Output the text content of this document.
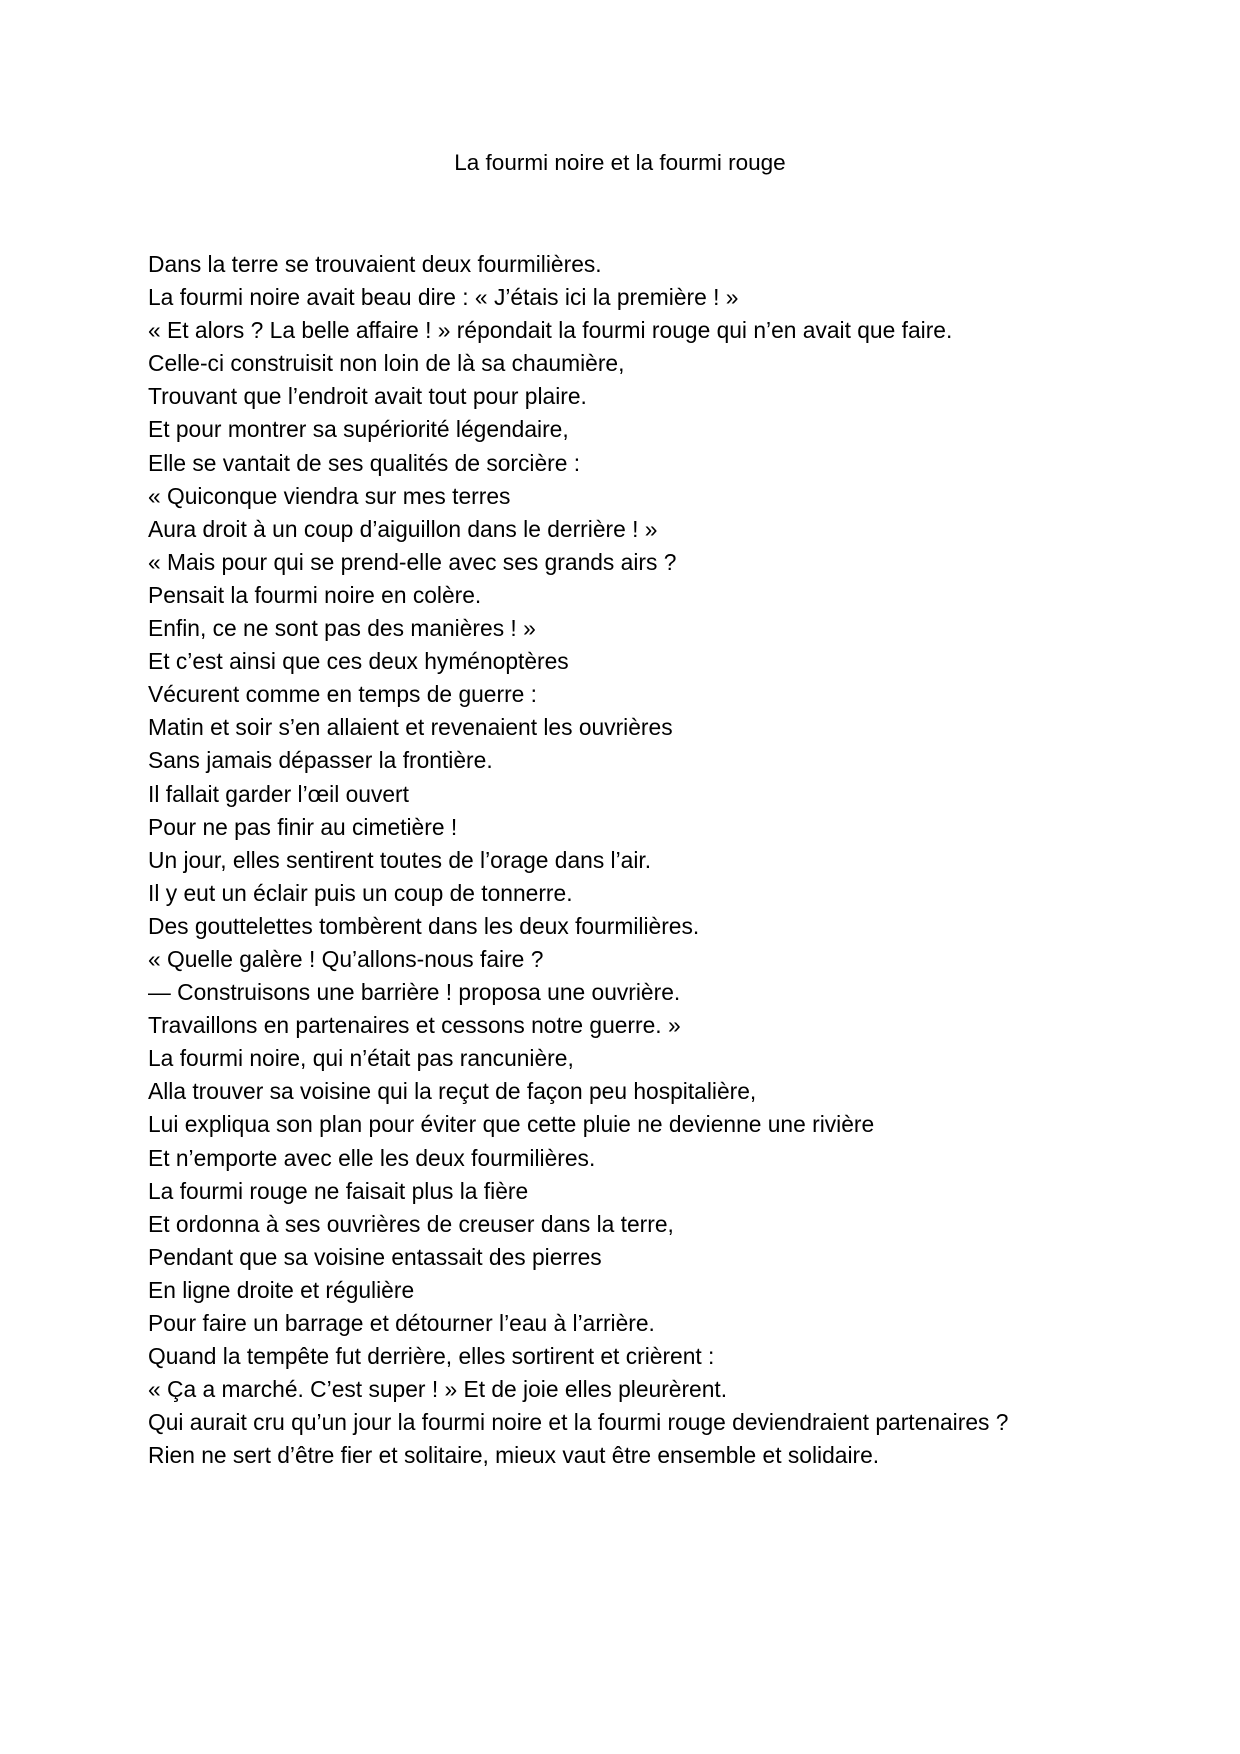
La fourmi noire et la fourmi rouge
Dans la terre se trouvaient deux fourmilières.
La fourmi noire avait beau dire : « J’étais ici la première ! »
« Et alors ? La belle affaire ! » répondait la fourmi rouge qui n’en avait que faire.
Celle-ci construisit non loin de là sa chaumière,
Trouvant que l’endroit avait tout pour plaire.
Et pour montrer sa supériorité légendaire,
Elle se vantait de ses qualités de sorcière :
« Quiconque viendra sur mes terres
Aura droit à un coup d’aiguillon dans le derrière ! »
« Mais pour qui se prend-elle avec ses grands airs ?
Pensait la fourmi noire en colère.
Enfin, ce ne sont pas des manières ! »
Et c’est ainsi que ces deux hyménoptères
Vécurent comme en temps de guerre :
Matin et soir s’en allaient et revenaient les ouvrières
Sans jamais dépasser la frontière.
Il fallait garder l’œil ouvert
Pour ne pas finir au cimetière !
Un jour, elles sentirent toutes de l’orage dans l’air.
Il y eut un éclair puis un coup de tonnerre.
Des gouttelettes tombèrent dans les deux fourmilières.
« Quelle galère ! Qu’allons-nous faire ?
— Construisons une barrière ! proposa une ouvrière.
Travaillons en partenaires et cessons notre guerre. »
La fourmi noire, qui n’était pas rancunière,
Alla trouver sa voisine qui la reçut de façon peu hospitalière,
Lui expliqua son plan pour éviter que cette pluie ne devienne une rivière
Et n’emporte avec elle les deux fourmilières.
La fourmi rouge ne faisait plus la fière
Et ordonna à ses ouvrières de creuser dans la terre,
Pendant que sa voisine entassait des pierres
En ligne droite et régulière
Pour faire un barrage et détourner l’eau à l’arrière.
Quand la tempête fut derrière, elles sortirent et crièrent :
« Ça a marché. C’est super ! » Et de joie elles pleurèrent.
Qui aurait cru qu’un jour la fourmi noire et la fourmi rouge deviendraient partenaires ?
Rien ne sert d’être fier et solitaire, mieux vaut être ensemble et solidaire.
